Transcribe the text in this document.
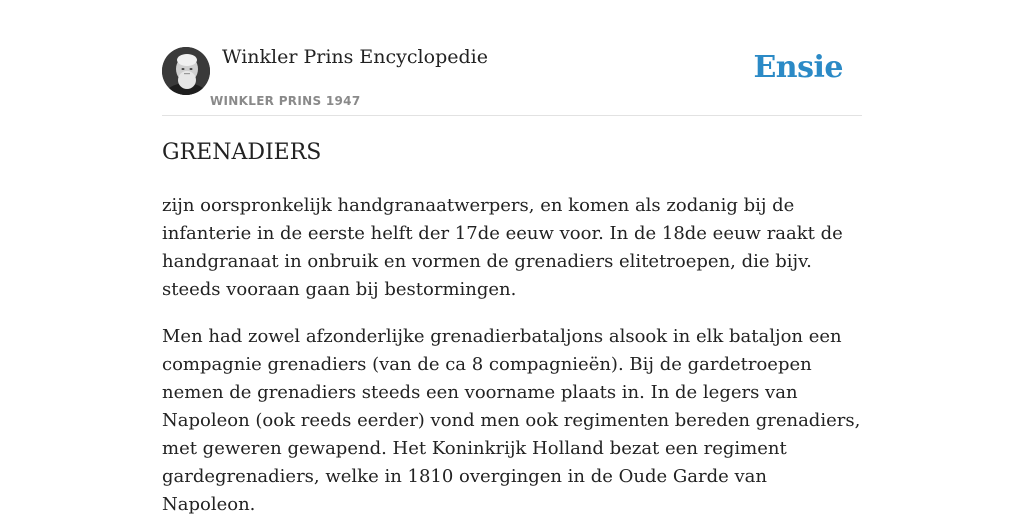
Winkler Prins Encyclopedie
WINKLER PRINS 1947
Ensie
GRENADIERS

zijn oorspronkelijk handgranaatwerpers, en komen als zodanig bij de infanterie in de eerste helft der 17de eeuw voor. In de 18de eeuw raakt de handgranaat in onbruik en vormen de grenadiers elitetroepen, die bijv. steeds vooraan gaan bij bestormingen.

Men had zowel afzonderlijke grenadierbataljons alsook in elk bataljon een compagnie grenadiers (van de ca 8 compagnieën). Bij de gardetroepen nemen de grenadiers steeds een voorname plaats in. In de legers van Napoleon (ook reeds eerder) vond men ook regimenten bereden grenadiers, met geweren gewapend. Het Koninkrijk Holland bezat een regiment gardegrenadiers, welke in 1810 overgingen in de Oude Garde van Napoleon.
